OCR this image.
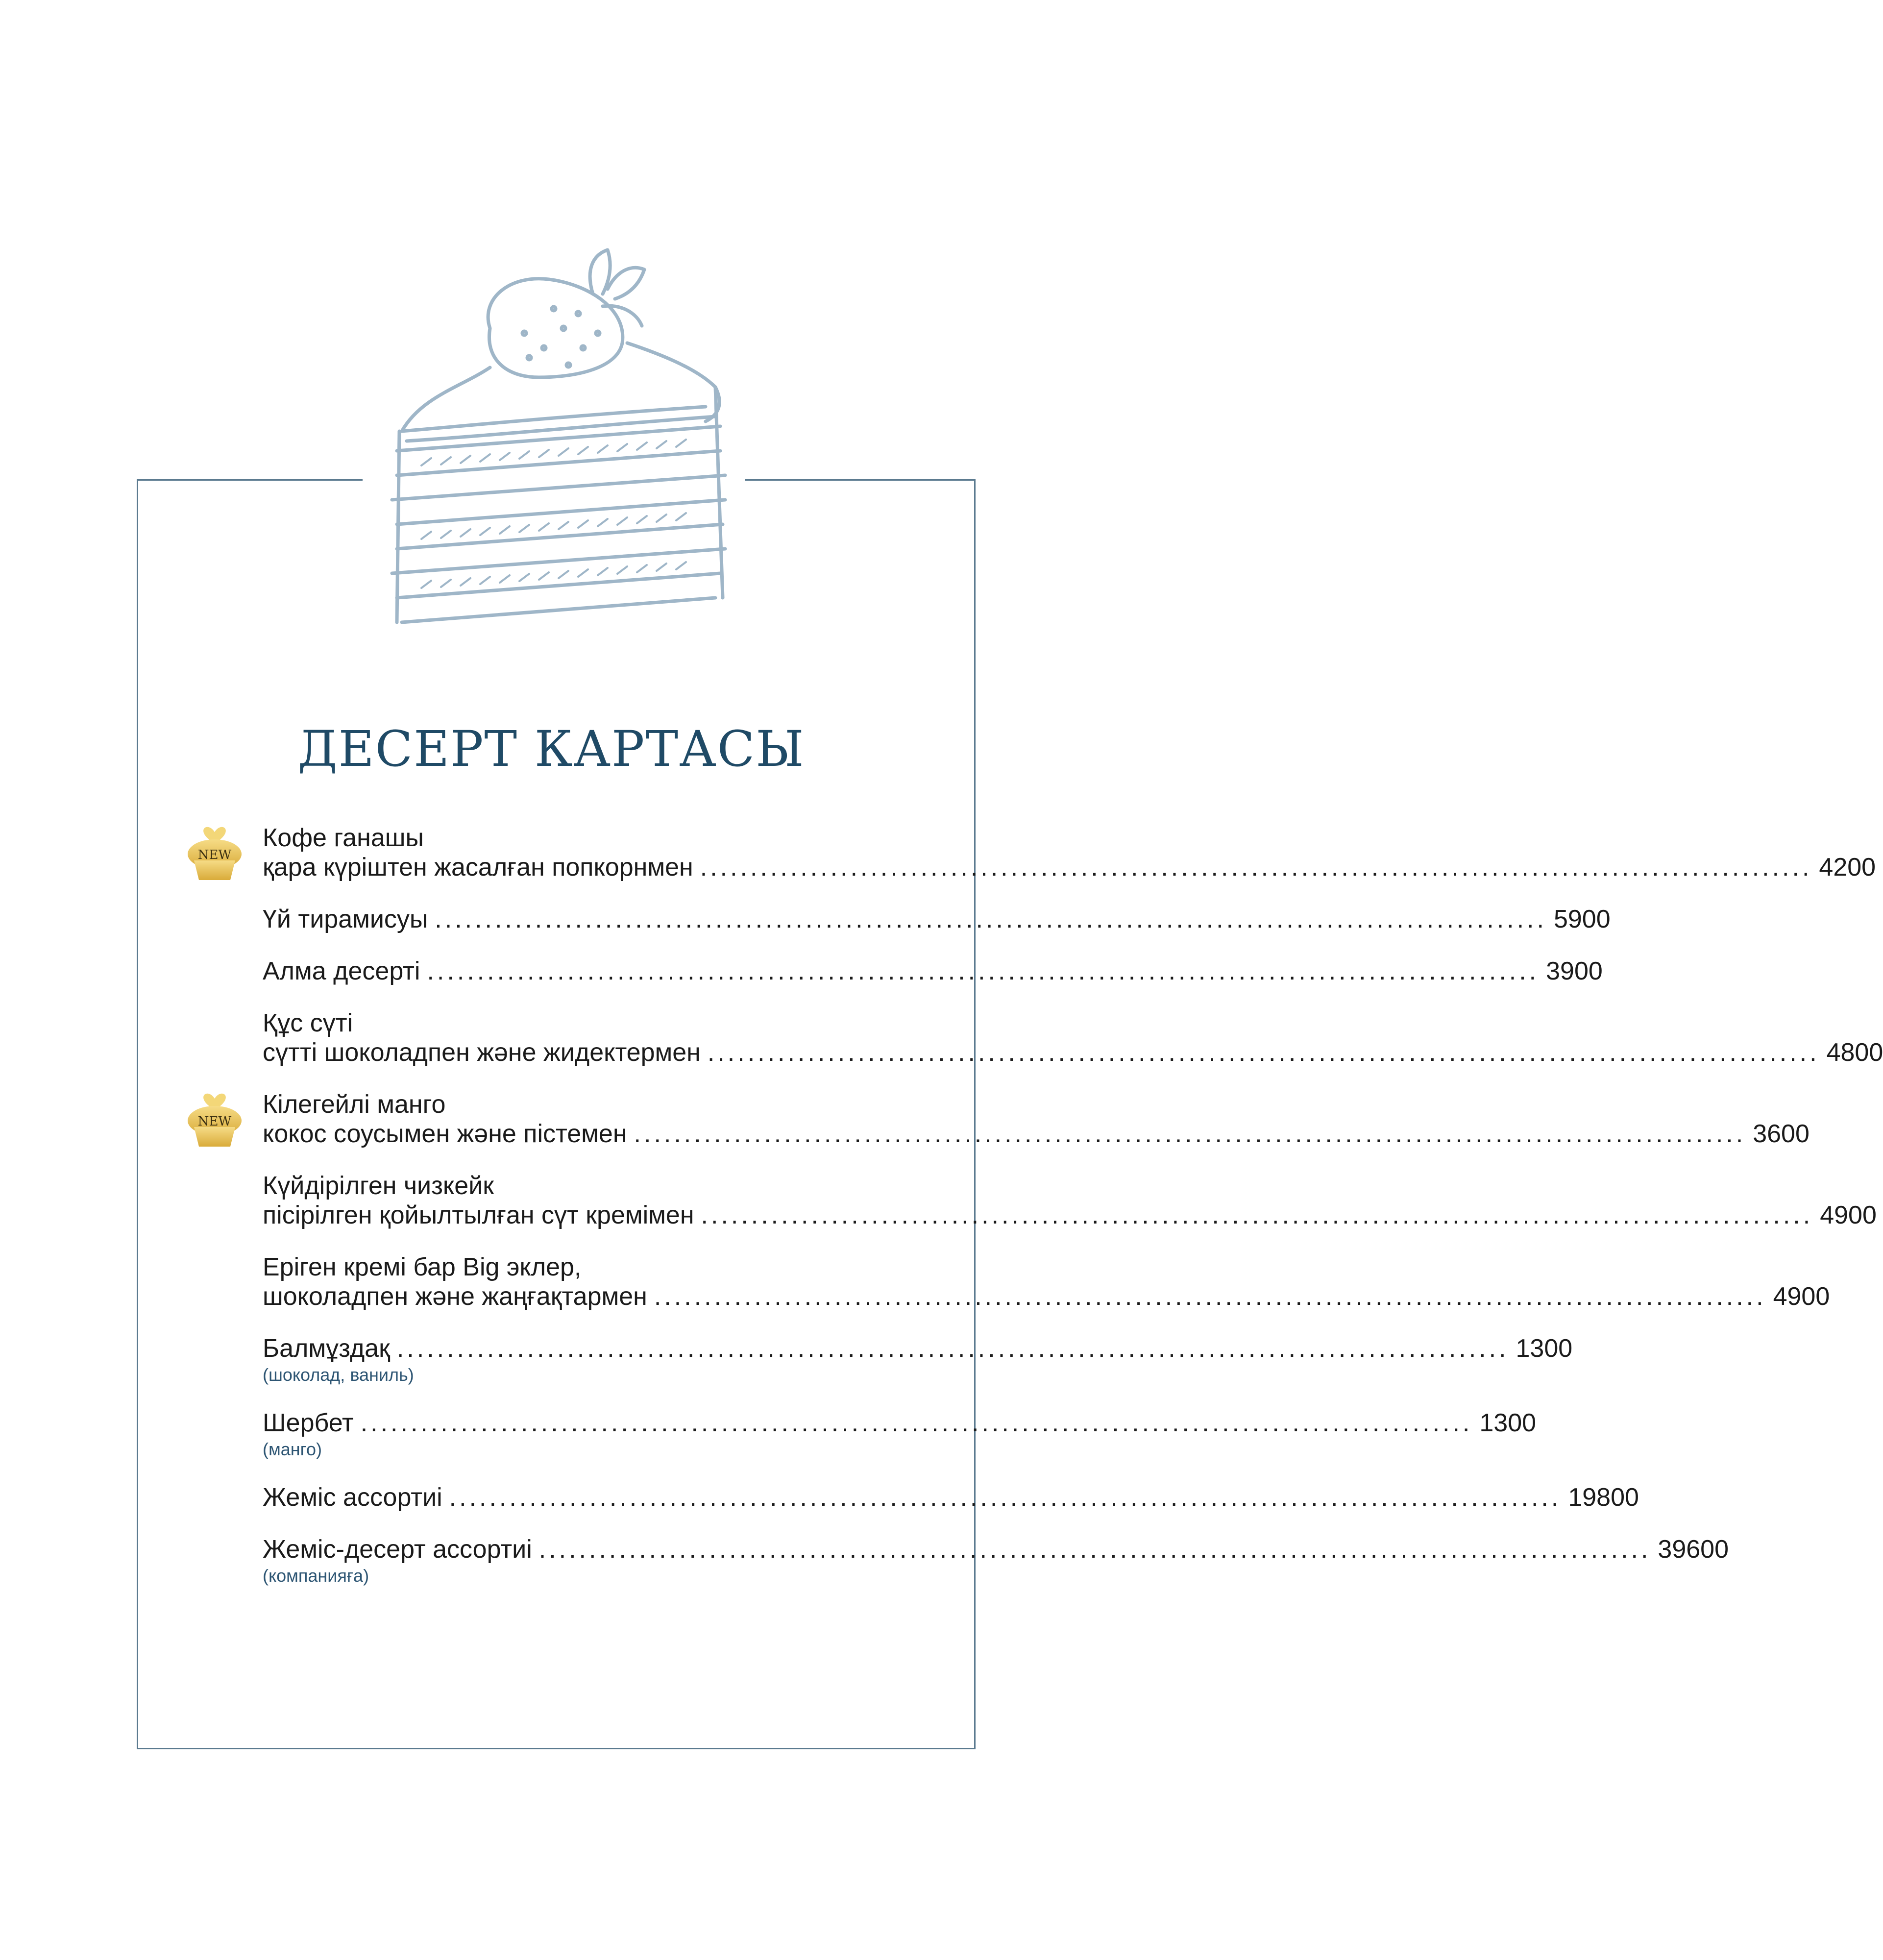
ДЕСЕРТ КАРТАСЫ
NEW
Кофе ганашы
қара күріштен жасалған попкорнмен ............................................................................................................... 4200
Үй тирамисуы ............................................................................................................... 5900
Алма десерті ............................................................................................................... 3900
Құс сүті
сүтті шоколадпен және жидектермен ............................................................................................................... 4800
NEW
Кілегейлі манго
кокос соусымен және пістемен ............................................................................................................... 3600
Күйдірілген чизкейк
пісірілген қойылтылған сүт кремімен ............................................................................................................... 4900
Еріген кремі бар Big эклер,
шоколадпен және жаңғақтармен ............................................................................................................... 4900
Балмұздақ ............................................................................................................... 1300
(шоколад, ваниль)
Шербет ............................................................................................................... 1300
(манго)
Жеміс ассортиі ............................................................................................................... 19800
Жеміс-десерт ассортиі ............................................................................................................... 39600
(компанияға)
